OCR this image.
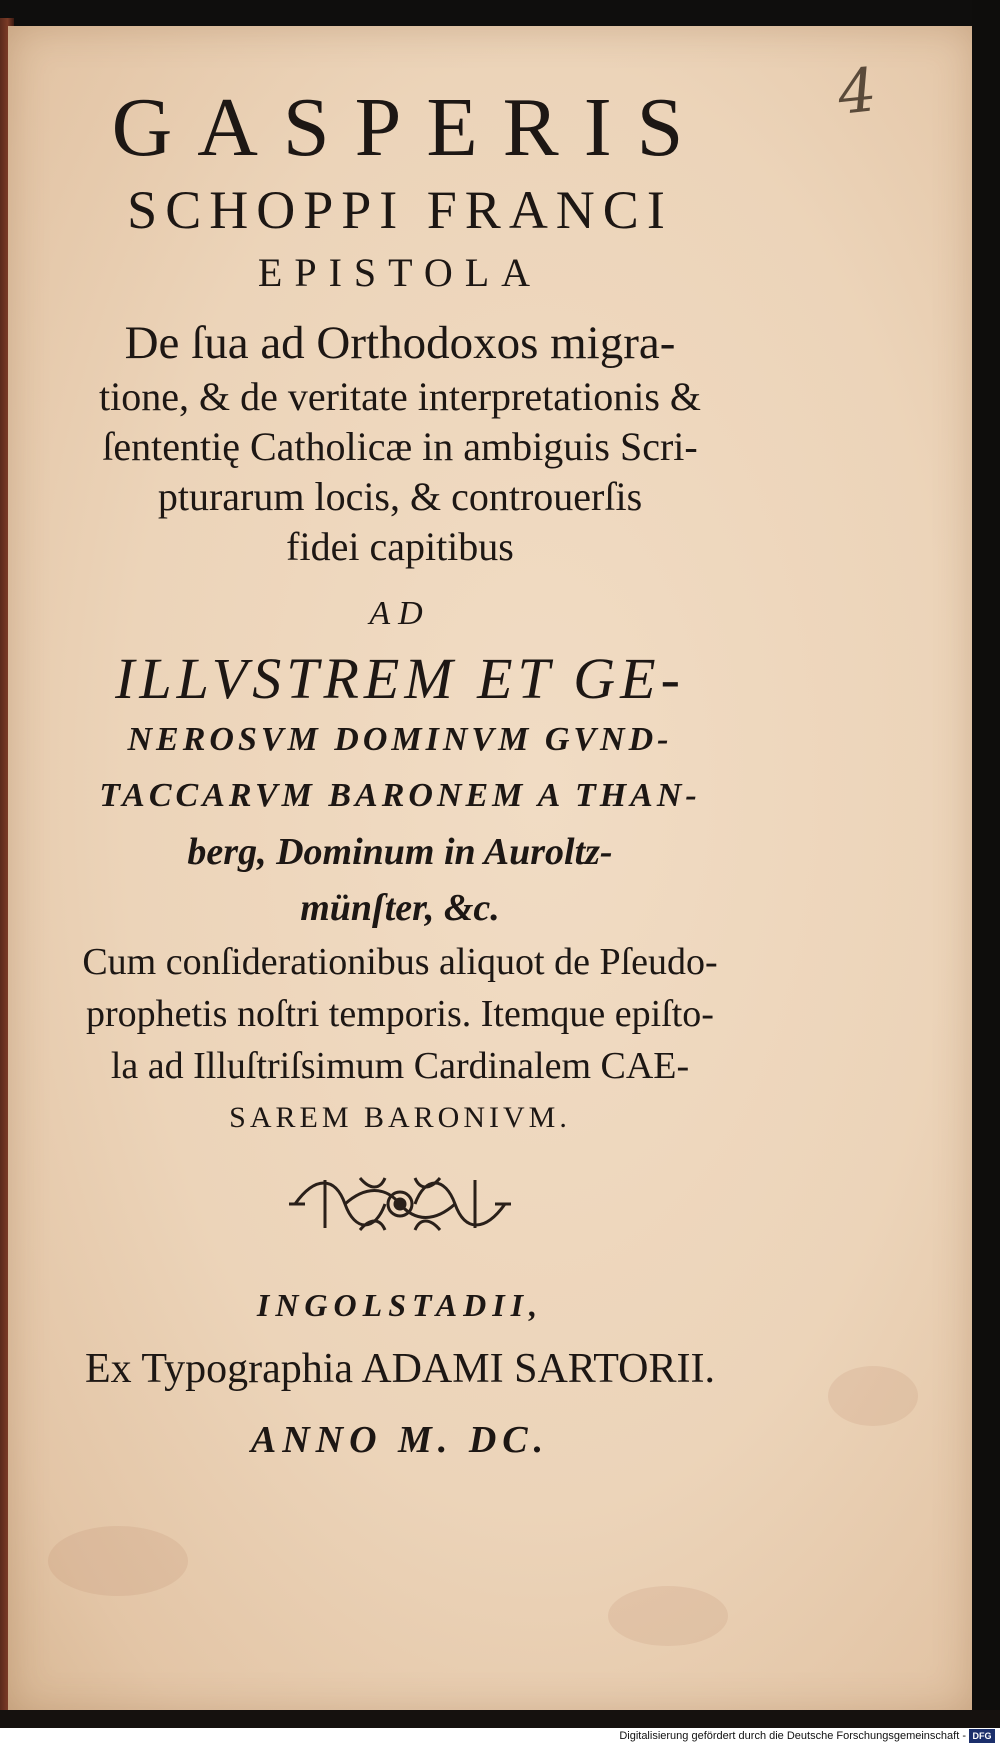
4
GASPERIS
SCHOPPI FRANCI
EPISTOLA
De ſua ad Orthodoxos migra-
tione, & de veritate interpretationis &
ſententię Catholicæ in ambiguis Scri-
pturarum locis, & controuerſis
fidei capitibus
AD
ILLVSTREM ET GE-
NEROSVM DOMINVM GVND-
TACCARVM BARONEM A THAN-
berg, Dominum in Auroltz-
münſter, &c.
Cum conſiderationibus aliquot de Pſeudo-
prophetis noſtri temporis. Itemque epiſto-
la ad Illuſtriſsimum Cardinalem CAE-
SAREM BARONIVM.
INGOLSTADII,
Ex Typographia ADAMI SARTORII.
ANNO M. DC.
Digitalisierung gefördert durch die Deutsche Forschungsgemeinschaft - DFG
